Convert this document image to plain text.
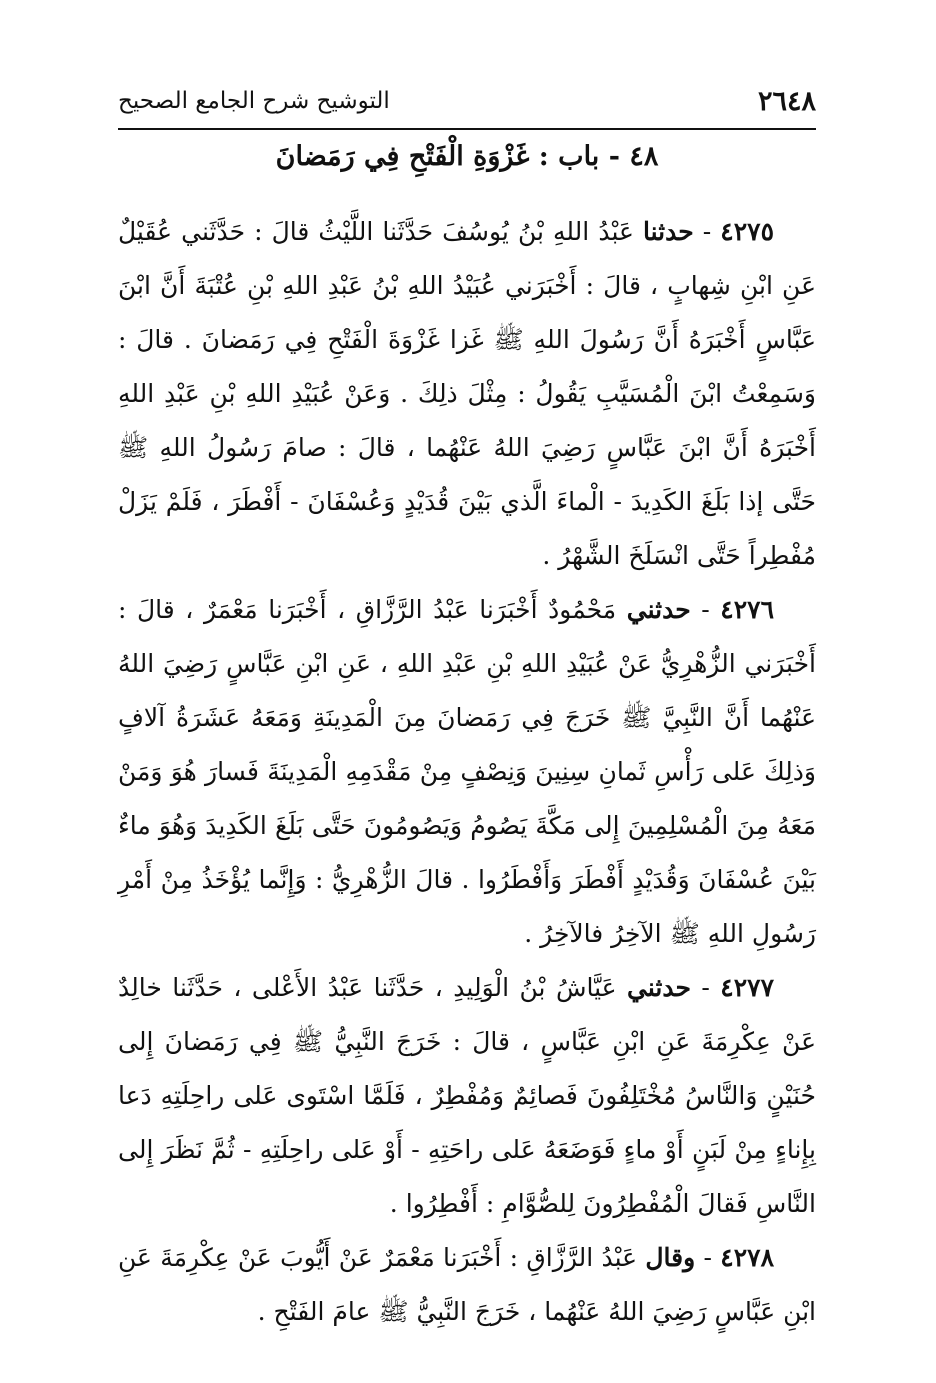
٢٦٤٨
التوشيح شرح الجامع الصحيح
٤٨ - باب : غَزْوَةِ الْفَتْحِ فِي رَمَضانَ

٤٢٧٥ - حدثنا عَبْدُ اللهِ بْنُ يُوسُفَ حَدَّثَنا اللَّيْثُ قالَ : حَدَّثَني عُقَيْلٌ عَنِ ابْنِ شِهابٍ ، قالَ : أَخْبَرَني عُبَيْدُ اللهِ بْنُ عَبْدِ اللهِ بْنِ عُتْبَةَ أَنَّ ابْنَ عَبَّاسٍ أَخْبَرَهُ أَنَّ رَسُولَ اللهِ ﷺ غَزا غَزْوَةَ الْفَتْحِ فِي رَمَضانَ . قالَ : وَسَمِعْتُ ابْنَ الْمُسَيَّبِ يَقُولُ : مِثْلَ ذلِكَ . وَعَنْ عُبَيْدِ اللهِ بْنِ عَبْدِ اللهِ أَخْبَرَهُ أَنَّ ابْنَ عَبَّاسٍ رَضِيَ اللهُ عَنْهُما ، قالَ : صامَ رَسُولُ اللهِ ﷺ حَتَّى إذا بَلَغَ الكَدِيدَ - الْماءَ الَّذي بَيْنَ قُدَيْدٍ وَعُسْفَانَ - أَفْطَرَ ، فَلَمْ يَزَلْ مُفْطِراً حَتَّى انْسَلَخَ الشَّهْرُ .

٤٢٧٦ - حدثني مَحْمُودٌ أَخْبَرَنا عَبْدُ الرَّزَّاقِ ، أَخْبَرَنا مَعْمَرٌ ، قالَ : أَخْبَرَني الزُّهْرِيُّ عَنْ عُبَيْدِ اللهِ بْنِ عَبْدِ اللهِ ، عَنِ ابْنِ عَبَّاسٍ رَضِيَ اللهُ عَنْهُما أَنَّ النَّبِيَّ ﷺ خَرَجَ فِي رَمَضانَ مِنَ الْمَدِينَةِ وَمَعَهُ عَشَرَةُ آلافٍ وَذلِكَ عَلى رَأْسِ ثَمانِ سِنِينَ وَنِصْفٍ مِنْ مَقْدَمِهِ الْمَدِينَةَ فَسارَ هُوَ وَمَنْ مَعَهُ مِنَ الْمُسْلِمِينَ إِلى مَكَّةَ يَصُومُ وَيَصُومُونَ حَتَّى بَلَغَ الكَدِيدَ وَهُوَ ماءٌ بَيْنَ عُسْفَانَ وَقُدَيْدٍ أَفْطَرَ وَأَفْطَرُوا . قالَ الزُّهْرِيُّ : وَإِنَّما يُؤْخَذُ مِنْ أَمْرِ رَسُولِ اللهِ ﷺ الآخِرُ فالآخِرُ .

٤٢٧٧ - حدثني عَيَّاشُ بْنُ الْوَلِيدِ ، حَدَّثَنا عَبْدُ الأَعْلى ، حَدَّثَنا خالِدٌ عَنْ عِكْرِمَةَ عَنِ ابْنِ عَبَّاسٍ ، قالَ : خَرَجَ النَّبِيُّ ﷺ فِي رَمَضانَ إِلى حُنَيْنٍ وَالنَّاسُ مُخْتَلِفُونَ فَصائِمٌ وَمُفْطِرٌ ، فَلَمَّا اسْتَوى عَلى راحِلَتِهِ دَعا بِإِناءٍ مِنْ لَبَنٍ أَوْ ماءٍ فَوَضَعَهُ عَلى راحَتِهِ - أَوْ عَلى راحِلَتِهِ - ثُمَّ نَظَرَ إِلى النَّاسِ فَقالَ الْمُفْطِرُونَ لِلصُّوَّامِ : أَفْطِرُوا .

٤٢٧٨ - وقال عَبْدُ الرَّزَّاقِ : أَخْبَرَنا مَعْمَرٌ عَنْ أَيُّوبَ عَنْ عِكْرِمَةَ عَنِ ابْنِ عَبَّاسٍ رَضِيَ اللهُ عَنْهُما ، خَرَجَ النَّبِيُّ ﷺ عامَ الفَتْحِ .
